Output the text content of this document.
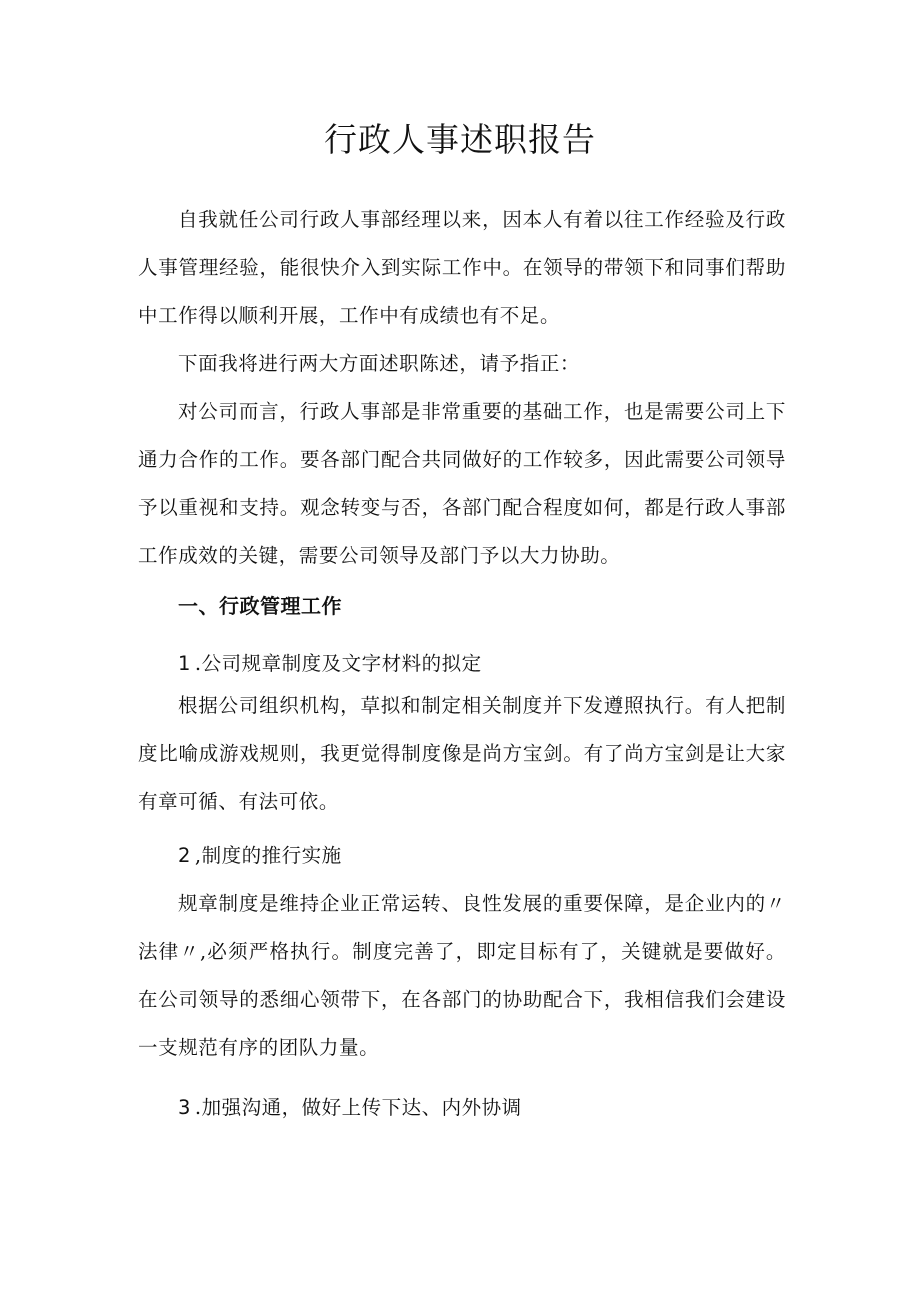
行政人事述职报告

自我就任公司行政人事部经理以来，因本人有着以往工作经验及行政人事管理经验，能很快介入到实际工作中。在领导的带领下和同事们帮助中工作得以顺利开展，工作中有成绩也有不足。

下面我将进行两大方面述职陈述，请予指正：

对公司而言，行政人事部是非常重要的基础工作，也是需要公司上下通力合作的工作。要各部门配合共同做好的工作较多，因此需要公司领导予以重视和支持。观念转变与否，各部门配合程度如何，都是行政人事部工作成效的关键，需要公司领导及部门予以大力协助。

一、行政管理工作
1 .公司规章制度及文字材料的拟定

根据公司组织机构，草拟和制定相关制度并下发遵照执行。有人把制度比喻成游戏规则，我更觉得制度像是尚方宝剑。有了尚方宝剑是让大家有章可循、有法可依。

2 ,制度的推行实施

规章制度是维持企业正常运转、良性发展的重要保障，是企业内的〃法律〃,必须严格执行。制度完善了，即定目标有了，关键就是要做好。在公司领导的悉细心领带下，在各部门的协助配合下，我相信我们会建设一支规范有序的团队力量。

3 .加强沟通，做好上传下达、内外协调
